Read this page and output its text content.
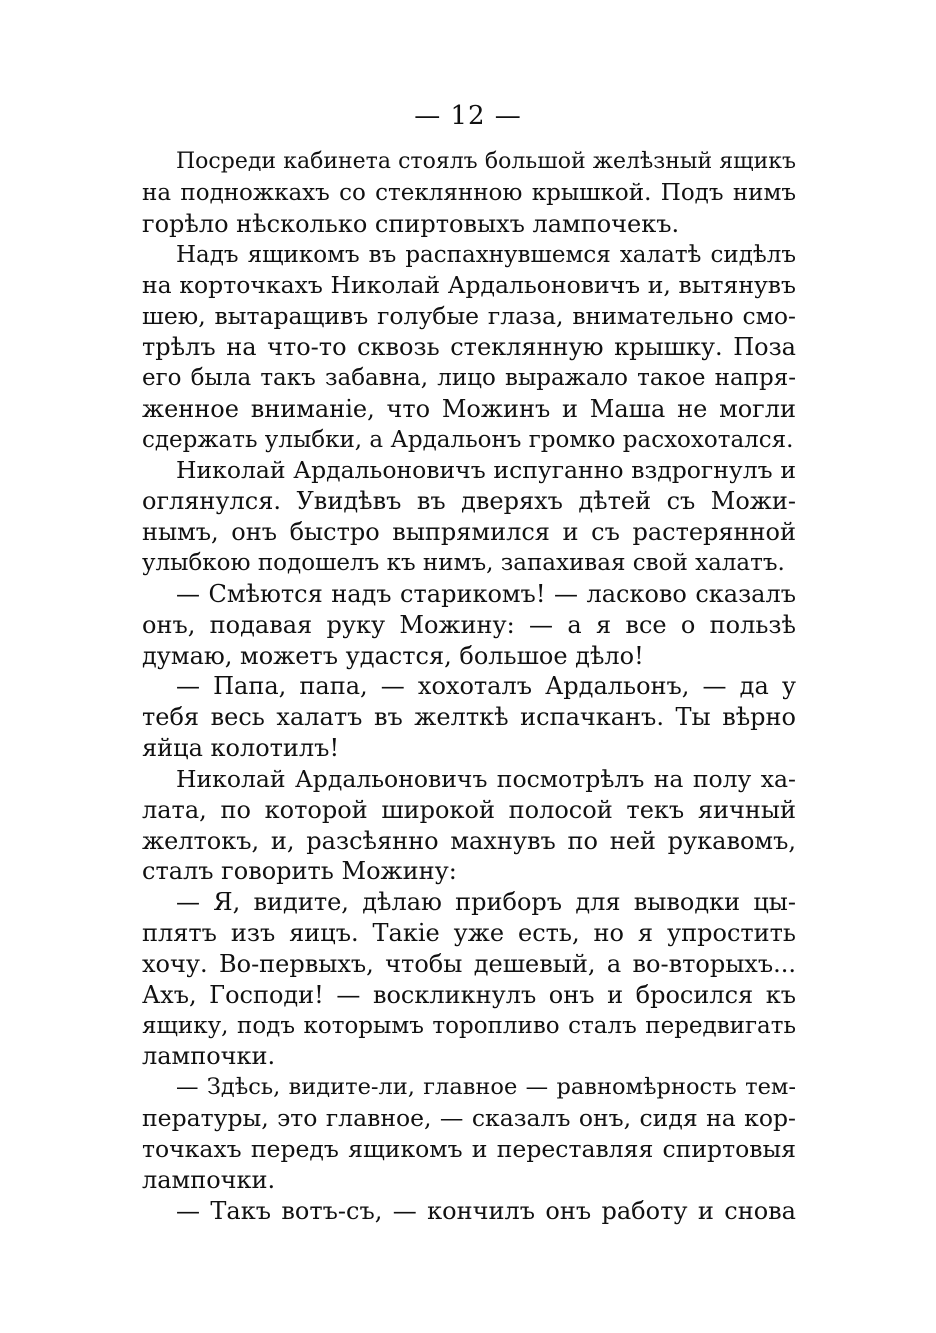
— 12 —
Посреди кабинета стоялъ большой желѣзный ящикъ
на подножкахъ со стеклянною крышкой. Подъ нимъ
горѣло нѣсколько спиртовыхъ лампочекъ.
Надъ ящикомъ въ распахнувшемся халатѣ сидѣлъ
на корточкахъ Николай Ардальоновичъ и, вытянувъ
шею, вытаращивъ голубые глаза, внимательно смо-
трѣлъ на что-то сквозь стеклянную крышку. Поза
его была такъ забавна, лицо выражало такое напря-
женное вниманіе, что Можинъ и Маша не могли
сдержать улыбки, а Ардальонъ громко расхохотался.
Николай Ардальоновичъ испуганно вздрогнулъ и
оглянулся. Увидѣвъ въ дверяхъ дѣтей съ Можи-
нымъ, онъ быстро выпрямился и съ растерянной
улыбкою подошелъ къ нимъ, запахивая свой халатъ.
— Смѣются надъ старикомъ! — ласково сказалъ
онъ, подавая руку Можину: — а я все о пользѣ
думаю, можетъ удастся, большое дѣло!
— Папа, папа, — хохоталъ Ардальонъ, — да у
тебя весь халатъ въ желткѣ испачканъ. Ты вѣрно
яйца колотилъ!
Николай Ардальоновичъ посмотрѣлъ на полу ха-
лата, по которой широкой полосой текъ яичный
желтокъ, и, разсѣянно махнувъ по ней рукавомъ,
сталъ говорить Можину:
— Я, видите, дѣлаю приборъ для выводки цы-
плятъ изъ яицъ. Такіе уже есть, но я упростить
хочу. Во-первыхъ, чтобы дешевый, а во-вторыхъ...
Ахъ, Господи! — воскликнулъ онъ и бросился къ
ящику, подъ которымъ торопливо сталъ передвигать
лампочки.
— Здѣсь, видите-ли, главное — равномѣрность тем-
пературы, это главное, — сказалъ онъ, сидя на кор-
точкахъ передъ ящикомъ и переставляя спиртовыя
лампочки.
— Такъ вотъ-съ, — кончилъ онъ работу и снова
